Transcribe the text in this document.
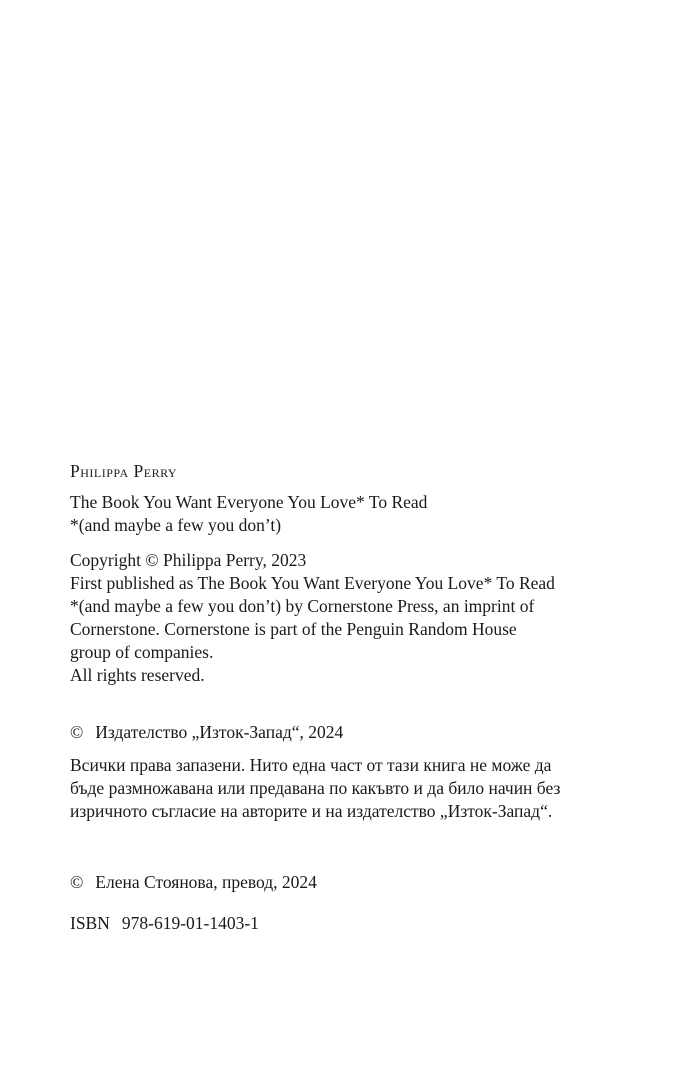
Philippa Perry
The Book You Want Everyone You Love* To Read
*(and maybe a few you don’t)
Copyright © Philippa Perry, 2023
First published as The Book You Want Everyone You Love* To Read
*(and maybe a few you don’t) by Cornerstone Press, an imprint of
Cornerstone. Cornerstone is part of the Penguin Random House
group of companies.
All rights reserved.
© Издателство „Изток-Запад“, 2024
Всички права запазени. Нито една част от тази книга не може да
бъде размножавана или предавана по какъвто и да било начин без
изричното съгласие на авторите и на издателство „Изток-Запад“.
© Елена Стоянова, превод, 2024
ISBN 978-619-01-1403-1
